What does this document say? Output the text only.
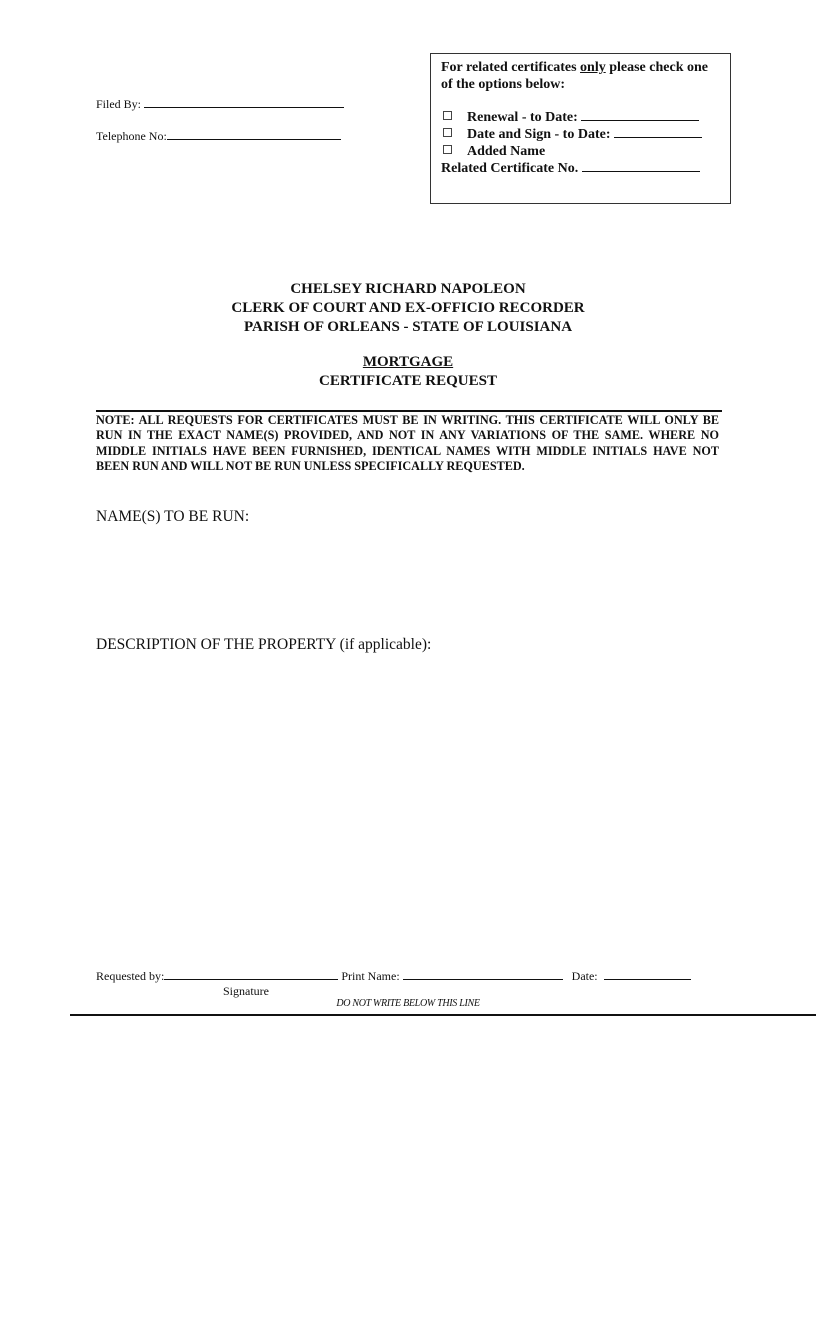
Filed By:
Telephone No:
For related certificates only please check one of the options below:
Renewal - to Date:

Date and Sign - to Date:

Added Name
Related Certificate No.
CHELSEY RICHARD NAPOLEON
CLERK OF COURT AND EX-OFFICIO RECORDER
PARISH OF ORLEANS - STATE OF LOUISIANA
MORTGAGE
CERTIFICATE REQUEST
NOTE: ALL REQUESTS FOR CERTIFICATES MUST BE IN WRITING. THIS CERTIFICATE WILL ONLY BE RUN IN THE EXACT NAME(S) PROVIDED, AND NOT IN ANY VARIATIONS OF THE SAME. WHERE NO MIDDLE INITIALS HAVE BEEN FURNISHED, IDENTICAL NAMES WITH MIDDLE INITIALS HAVE NOT BEEN RUN AND WILL NOT BE RUN UNLESS SPECIFICALLY REQUESTED.
NAME(S) TO BE RUN:
DESCRIPTION OF THE PROPERTY (if applicable):
Requested by:	Print Name:	Date:
Signature
DO NOT WRITE BELOW THIS LINE
